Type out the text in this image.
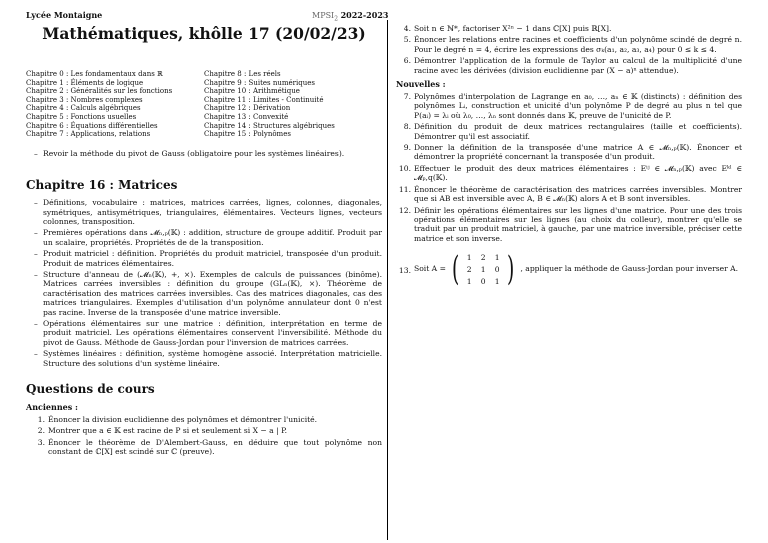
Lycée Montaigne	$MPSI_2$ 2022-2023
Mathématiques, khôlle 17 (20/02/23)
Chapitre 0 : Les fondamentaux dans ℝ
Chapitre 1 : Éléments de logique
Chapitre 2 : Généralités sur les fonctions
Chapitre 3 : Nombres complexes
Chapitre 4 : Calculs algébriques
Chapitre 5 : Fonctions usuelles
Chapitre 6 : Équations différentielles
Chapitre 7 : Applications, relations
Chapitre 8 : Les réels
Chapitre 9 : Suites numériques
Chapitre 10 : Arithmétique
Chapitre 11 : Limites - Continuité
Chapitre 12 : Dérivation
Chapitre 13 : Convexité
Chapitre 14 : Structures algébriques
Chapitre 15 : Polynômes
– Revoir la méthode du pivot de Gauss (obligatoire pour les systèmes linéaires).
Chapitre 16 : Matrices
– Définitions, vocabulaire : matrices, matrices carrées, lignes, colonnes, diagonales, symétriques, antisymétriques, triangulaires, élémentaires. Vecteurs lignes, vecteurs colonnes, transposition.
– Premières opérations dans 𝓜ₙ,ₚ(𝕂) : addition, structure de groupe additif. Produit par un scalaire, propriétés. Propriétés de de la transposition.
– Produit matriciel : définition. Propriétés du produit matriciel, transposée d'un produit. Produit de matrices élémentaires.
– Structure d'anneau de (𝓜ₙ(𝕂), +, ×). Exemples de calculs de puissances (binôme). Matrices carrées inversibles : définition du groupe (GLₙ(𝕂), ×). Théorème de caractérisation des matrices carrées inversibles. Cas des matrices diagonales, cas des matrices triangulaires. Exemples d'utilisation d'un polynôme annulateur dont 0 n'est pas racine. Inverse de la transposée d'une matrice inversible.
– Opérations élémentaires sur une matrice : définition, interprétation en terme de produit matriciel. Les opérations élémentaires conservent l'inversibilité. Méthode du pivot de Gauss. Méthode de Gauss-Jordan pour l'inversion de matrices carrées.
– Systèmes linéaires : définition, système homogène associé. Interprétation matricielle. Structure des solutions d'un système linéaire.
Questions de cours
Anciennes :
1. Énoncer la division euclidienne des polynômes et démontrer l'unicité.
2. Montrer que a ∈ 𝕂 est racine de P si et seulement si X − a | P.
3. Énoncer le théorème de D'Alembert-Gauss, en déduire que tout polynôme non constant de ℂ[X] est scindé sur ℂ (preuve).
4. Soit n ∈ ℕ*, factoriser X²ⁿ − 1 dans ℂ[X] puis ℝ[X].
5. Énoncer les relations entre racines et coefficients d'un polynôme scindé de degré n. Pour le degré n = 4, écrire les expressions des σₖ(a₁, a₂, a₃, a₄) pour 0 ≤ k ≤ 4.
6. Démontrer l'application de la formule de Taylor au calcul de la multiplicité d'une racine avec les dérivées (division euclidienne par (X − a)ⁿ attendue).
Nouvelles :
7. Polynômes d'interpolation de Lagrange en a₀, …, aₙ ∈ 𝕂 (distincts) : définition des polynômes Lᵢ, construction et unicité d'un polynôme P de degré au plus n tel que P(aᵢ) = λᵢ où λ₀, …, λₙ sont donnés dans 𝕂, preuve de l'unicité de P.
8. Définition du produit de deux matrices rectangulaires (taille et coefficients). Démontrer qu'il est associatif.
9. Donner la définition de la transposée d'une matrice A ∈ 𝓜ₙ,ₚ(𝕂). Énoncer et démontrer la propriété concernant la transposée d'un produit.
10. Effectuer le produit des deux matrices élémentaires : Eⁱʲ ∈ 𝓜ₙ,ₚ(𝕂) avec Eᵏˡ ∈ 𝓜ₚ,q(𝕂).
11. Énoncer le théorème de caractérisation des matrices carrées inversibles. Montrer que si AB est inversible avec A, B ∈ 𝓜ₙ(𝕂) alors A et B sont inversibles.
12. Définir les opérations élémentaires sur les lignes d'une matrice. Pour une des trois opérations élémentaires sur les lignes (au choix du colleur), montrer qu'elle se traduit par un produit matriciel, à gauche, par une matrice inversible, préciser cette matrice et son inverse.
13. Soit A = ( 1	2	1
2	1	0
1	0	1 ) , appliquer la méthode de Gauss-Jordan pour inverser A.
